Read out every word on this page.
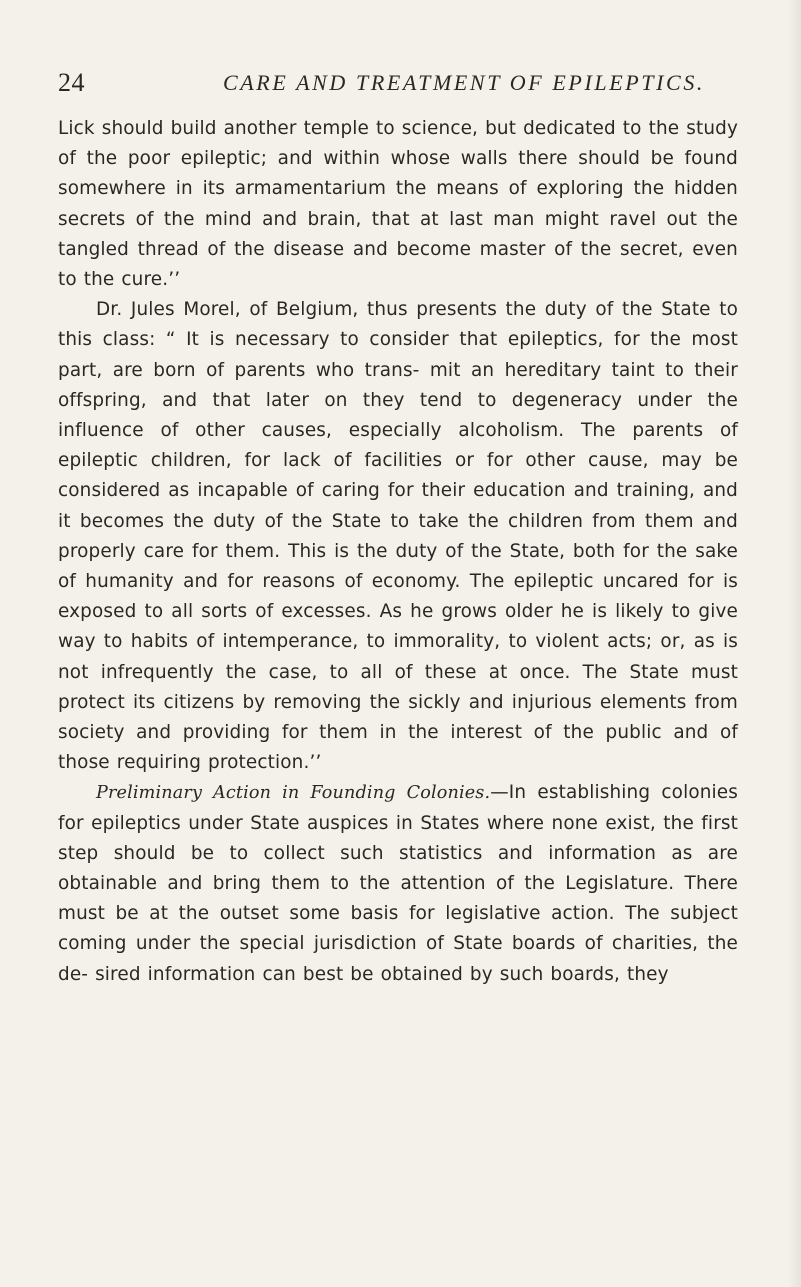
24	CARE AND TREATMENT OF EPILEPTICS.

Lick should build another temple to science, but dedicated to the study of the poor epileptic; and within whose walls there should be found somewhere in its armamentarium the means of exploring the hidden secrets of the mind and brain, that at last man might ravel out the tangled thread of the disease and become master of the secret, even to the cure.’’

Dr. Jules Morel, of Belgium, thus presents the duty of the State to this class: “ It is necessary to consider that epileptics, for the most part, are born of parents who trans- mit an hereditary taint to their offspring, and that later on they tend to degeneracy under the influence of other causes, especially alcoholism. The parents of epileptic children, for lack of facilities or for other cause, may be considered as incapable of caring for their education and training, and it becomes the duty of the State to take the children from them and properly care for them. This is the duty of the State, both for the sake of humanity and for reasons of economy. The epileptic uncared for is exposed to all sorts of excesses. As he grows older he is likely to give way to habits of intemperance, to immorality, to violent acts; or, as is not infrequently the case, to all of these at once. The State must protect its citizens by removing the sickly and injurious elements from society and providing for them in the interest of the public and of those requiring protection.’’

Preliminary Action in Founding Colonies.—In establishing colonies for epileptics under State auspices in States where none exist, the first step should be to collect such statistics and information as are obtainable and bring them to the attention of the Legislature. There must be at the outset some basis for legislative action. The subject coming under the special jurisdiction of State boards of charities, the de- sired information can best be obtained by such boards, they
